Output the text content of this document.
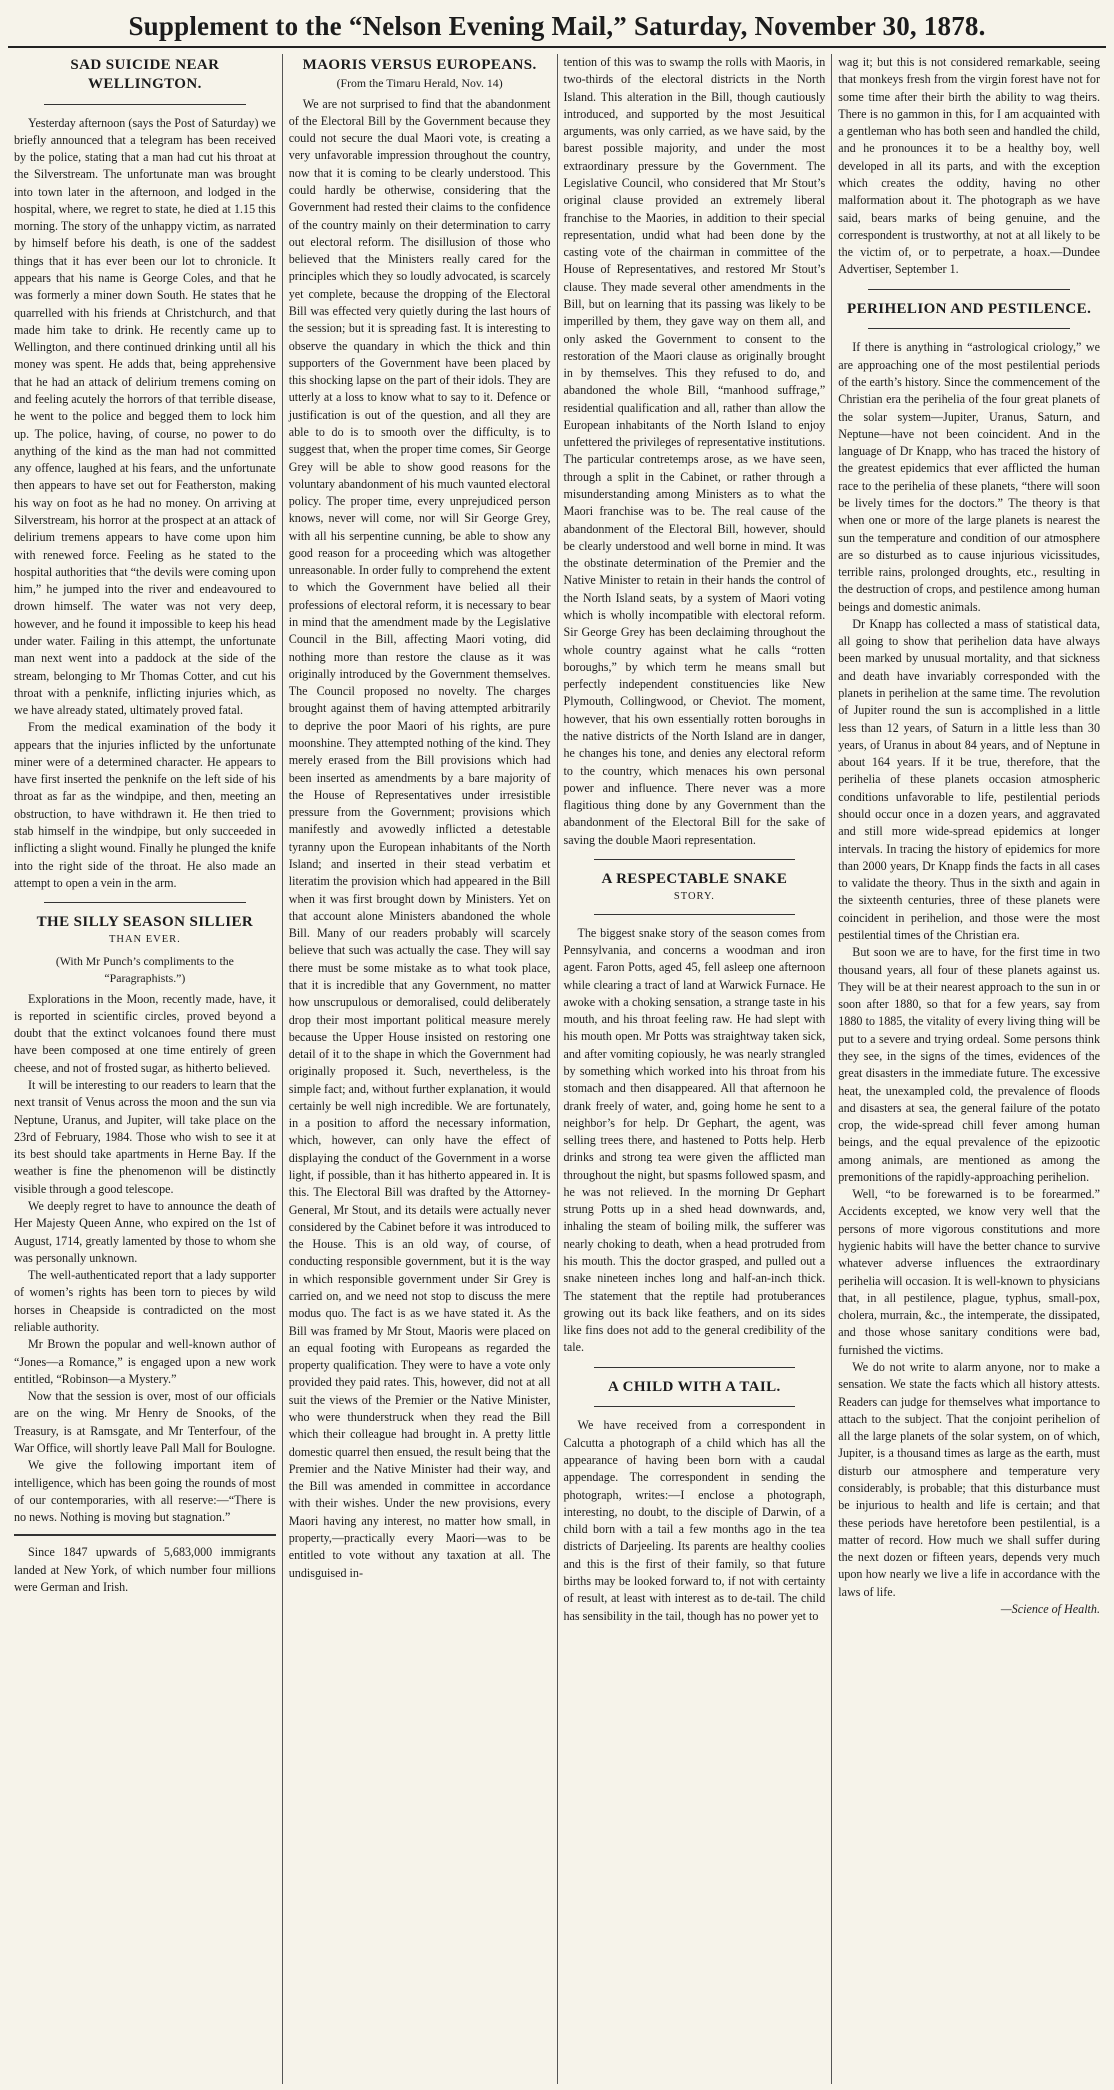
Supplement to the “Nelson Evening Mail,” Saturday, November 30, 1878.
SAD SUICIDE NEAR WELLINGTON.

Yesterday afternoon (says the Post of Saturday) we briefly announced that a telegram has been received by the police, stating that a man had cut his throat at the Silverstream. The unfortunate man was brought into town later in the afternoon, and lodged in the hospital, where, we regret to state, he died at 1.15 this morning. The story of the unhappy victim, as narrated by himself before his death, is one of the saddest things that it has ever been our lot to chronicle. It appears that his name is George Coles, and that he was formerly a miner down South. He states that he quarrelled with his friends at Christchurch, and that made him take to drink. He recently came up to Wellington, and there continued drinking until all his money was spent. He adds that, being apprehensive that he had an attack of delirium tremens coming on and feeling acutely the horrors of that terrible disease, he went to the police and begged them to lock him up. The police, having, of course, no power to do anything of the kind as the man had not committed any offence, laughed at his fears, and the unfortunate then appears to have set out for Featherston, making his way on foot as he had no money. On arriving at Silverstream, his horror at the prospect at an attack of delirium tremens appears to have come upon him with renewed force. Feeling as he stated to the hospital authorities that “the devils were coming upon him,” he jumped into the river and endeavoured to drown himself. The water was not very deep, however, and he found it impossible to keep his head under water. Failing in this attempt, the unfortunate man next went into a paddock at the side of the stream, belonging to Mr Thomas Cotter, and cut his throat with a penknife, inflicting injuries which, as we have already stated, ultimately proved fatal.

From the medical examination of the body it appears that the injuries inflicted by the unfortunate miner were of a determined character. He appears to have first inserted the penknife on the left side of his throat as far as the windpipe, and then, meeting an obstruction, to have withdrawn it. He then tried to stab himself in the windpipe, but only succeeded in inflicting a slight wound. Finally he plunged the knife into the right side of the throat. He also made an attempt to open a vein in the arm.

THE SILLY SEASON SILLIER
THAN EVER.
(With Mr Punch’s compliments to the “Paragraphists.”)

Explorations in the Moon, recently made, have, it is reported in scientific circles, proved beyond a doubt that the extinct volcanoes found there must have been composed at one time entirely of green cheese, and not of frosted sugar, as hitherto believed.

It will be interesting to our readers to learn that the next transit of Venus across the moon and the sun via Neptune, Uranus, and Jupiter, will take place on the 23rd of February, 1984. Those who wish to see it at its best should take apartments in Herne Bay. If the weather is fine the phenomenon will be distinctly visible through a good telescope.

We deeply regret to have to announce the death of Her Majesty Queen Anne, who expired on the 1st of August, 1714, greatly lamented by those to whom she was personally unknown.

The well-authenticated report that a lady supporter of women’s rights has been torn to pieces by wild horses in Cheapside is contradicted on the most reliable authority.

Mr Brown the popular and well-known author of “Jones—a Romance,” is engaged upon a new work entitled, “Robinson—a Mystery.”

Now that the session is over, most of our officials are on the wing. Mr Henry de Snooks, of the Treasury, is at Ramsgate, and Mr Tenterfour, of the War Office, will shortly leave Pall Mall for Boulogne.

We give the following important item of intelligence, which has been going the rounds of most of our contemporaries, with all reserve:—“There is no news. Nothing is moving but stagnation.”

Since 1847 upwards of 5,683,000 immigrants landed at New York, of which number four millions were German and Irish.

MAORIS VERSUS EUROPEANS.
(From the Timaru Herald, Nov. 14)

We are not surprised to find that the abandonment of the Electoral Bill by the Government because they could not secure the dual Maori vote, is creating a very unfavorable impression throughout the country, now that it is coming to be clearly understood. This could hardly be otherwise, considering that the Government had rested their claims to the confidence of the country mainly on their determination to carry out electoral reform. The disillusion of those who believed that the Ministers really cared for the principles which they so loudly advocated, is scarcely yet complete, because the dropping of the Electoral Bill was effected very quietly during the last hours of the session; but it is spreading fast. It is interesting to observe the quandary in which the thick and thin supporters of the Government have been placed by this shocking lapse on the part of their idols. They are utterly at a loss to know what to say to it. Defence or justification is out of the question, and all they are able to do is to smooth over the difficulty, is to suggest that, when the proper time comes, Sir George Grey will be able to show good reasons for the voluntary abandonment of his much vaunted electoral policy. The proper time, every unprejudiced person knows, never will come, nor will Sir George Grey, with all his serpentine cunning, be able to show any good reason for a proceeding which was altogether unreasonable. In order fully to comprehend the extent to which the Government have belied all their professions of electoral reform, it is necessary to bear in mind that the amendment made by the Legislative Council in the Bill, affecting Maori voting, did nothing more than restore the clause as it was originally introduced by the Government themselves. The Council proposed no novelty. The charges brought against them of having attempted arbitrarily to deprive the poor Maori of his rights, are pure moonshine. They attempted nothing of the kind. They merely erased from the Bill provisions which had been inserted as amendments by a bare majority of the House of Representatives under irresistible pressure from the Government; provisions which manifestly and avowedly inflicted a detestable tyranny upon the European inhabitants of the North Island; and inserted in their stead verbatim et literatim the provision which had appeared in the Bill when it was first brought down by Ministers. Yet on that account alone Ministers abandoned the whole Bill. Many of our readers probably will scarcely believe that such was actually the case. They will say there must be some mistake as to what took place, that it is incredible that any Government, no matter how unscrupulous or demoralised, could deliberately drop their most important political measure merely because the Upper House insisted on restoring one detail of it to the shape in which the Government had originally proposed it. Such, nevertheless, is the simple fact; and, without further explanation, it would certainly be well nigh incredible. We are fortunately, in a position to afford the necessary information, which, however, can only have the effect of displaying the conduct of the Government in a worse light, if possible, than it has hitherto appeared in. It is this. The Electoral Bill was drafted by the Attorney-General, Mr Stout, and its details were actually never considered by the Cabinet before it was introduced to the House. This is an old way, of course, of conducting responsible government, but it is the way in which responsible government under Sir Grey is carried on, and we need not stop to discuss the mere modus quo. The fact is as we have stated it. As the Bill was framed by Mr Stout, Maoris were placed on an equal footing with Europeans as regarded the property qualification. They were to have a vote only provided they paid rates. This, however, did not at all suit the views of the Premier or the Native Minister, who were thunderstruck when they read the Bill which their colleague had brought in. A pretty little domestic quarrel then ensued, the result being that the Premier and the Native Minister had their way, and the Bill was amended in committee in accordance with their wishes. Under the new provisions, every Maori having any interest, no matter how small, in property,—practically every Maori—was to be entitled to vote without any taxation at all. The undisguised in-

tention of this was to swamp the rolls with Maoris, in two-thirds of the electoral districts in the North Island. This alteration in the Bill, though cautiously introduced, and supported by the most Jesuitical arguments, was only carried, as we have said, by the barest possible majority, and under the most extraordinary pressure by the Government. The Legislative Council, who considered that Mr Stout’s original clause provided an extremely liberal franchise to the Maories, in addition to their special representation, undid what had been done by the casting vote of the chairman in committee of the House of Representatives, and restored Mr Stout’s clause. They made several other amendments in the Bill, but on learning that its passing was likely to be imperilled by them, they gave way on them all, and only asked the Government to consent to the restoration of the Maori clause as originally brought in by themselves. This they refused to do, and abandoned the whole Bill, “manhood suffrage,” residential qualification and all, rather than allow the European inhabitants of the North Island to enjoy unfettered the privileges of representative institutions. The particular contretemps arose, as we have seen, through a split in the Cabinet, or rather through a misunderstanding among Ministers as to what the Maori franchise was to be. The real cause of the abandonment of the Electoral Bill, however, should be clearly understood and well borne in mind. It was the obstinate determination of the Premier and the Native Minister to retain in their hands the control of the North Island seats, by a system of Maori voting which is wholly incompatible with electoral reform. Sir George Grey has been declaiming throughout the whole country against what he calls “rotten boroughs,” by which term he means small but perfectly independent constituencies like New Plymouth, Collingwood, or Cheviot. The moment, however, that his own essentially rotten boroughs in the native districts of the North Island are in danger, he changes his tone, and denies any electoral reform to the country, which menaces his own personal power and influence. There never was a more flagitious thing done by any Government than the abandonment of the Electoral Bill for the sake of saving the double Maori representation.

A RESPECTABLE SNAKE
STORY.

The biggest snake story of the season comes from Pennsylvania, and concerns a woodman and iron agent. Faron Potts, aged 45, fell asleep one afternoon while clearing a tract of land at Warwick Furnace. He awoke with a choking sensation, a strange taste in his mouth, and his throat feeling raw. He had slept with his mouth open. Mr Potts was straightway taken sick, and after vomiting copiously, he was nearly strangled by something which worked into his throat from his stomach and then disappeared. All that afternoon he drank freely of water, and, going home he sent to a neighbor’s for help. Dr Gephart, the agent, was selling trees there, and hastened to Potts help. Herb drinks and strong tea were given the afflicted man throughout the night, but spasms followed spasm, and he was not relieved. In the morning Dr Gephart strung Potts up in a shed head downwards, and, inhaling the steam of boiling milk, the sufferer was nearly choking to death, when a head protruded from his mouth. This the doctor grasped, and pulled out a snake nineteen inches long and half-an-inch thick. The statement that the reptile had protuberances growing out its back like feathers, and on its sides like fins does not add to the general credibility of the tale.

A CHILD WITH A TAIL.

We have received from a correspondent in Calcutta a photograph of a child which has all the appearance of having been born with a caudal appendage. The correspondent in sending the photograph, writes:—I enclose a photograph, interesting, no doubt, to the disciple of Darwin, of a child born with a tail a few months ago in the tea districts of Darjeeling. Its parents are healthy coolies and this is the first of their family, so that future births may be looked forward to, if not with certainty of result, at least with interest as to de-tail. The child has sensibility in the tail, though has no power yet to

wag it; but this is not considered remarkable, seeing that monkeys fresh from the virgin forest have not for some time after their birth the ability to wag theirs. There is no gammon in this, for I am acquainted with a gentleman who has both seen and handled the child, and he pronounces it to be a healthy boy, well developed in all its parts, and with the exception which creates the oddity, having no other malformation about it. The photograph as we have said, bears marks of being genuine, and the correspondent is trustworthy, at not at all likely to be the victim of, or to perpetrate, a hoax.—Dundee Advertiser, September 1.

PERIHELION AND PESTILENCE.

If there is anything in “astrological criology,” we are approaching one of the most pestilential periods of the earth’s history. Since the commencement of the Christian era the perihelia of the four great planets of the solar system—Jupiter, Uranus, Saturn, and Neptune—have not been coincident. And in the language of Dr Knapp, who has traced the history of the greatest epidemics that ever afflicted the human race to the perihelia of these planets, “there will soon be lively times for the doctors.” The theory is that when one or more of the large planets is nearest the sun the temperature and condition of our atmosphere are so disturbed as to cause injurious vicissitudes, terrible rains, prolonged droughts, etc., resulting in the destruction of crops, and pestilence among human beings and domestic animals.

Dr Knapp has collected a mass of statistical data, all going to show that perihelion data have always been marked by unusual mortality, and that sickness and death have invariably corresponded with the planets in perihelion at the same time. The revolution of Jupiter round the sun is accomplished in a little less than 12 years, of Saturn in a little less than 30 years, of Uranus in about 84 years, and of Neptune in about 164 years. If it be true, therefore, that the perihelia of these planets occasion atmospheric conditions unfavorable to life, pestilential periods should occur once in a dozen years, and aggravated and still more wide-spread epidemics at longer intervals. In tracing the history of epidemics for more than 2000 years, Dr Knapp finds the facts in all cases to validate the theory. Thus in the sixth and again in the sixteenth centuries, three of these planets were coincident in perihelion, and those were the most pestilential times of the Christian era.

But soon we are to have, for the first time in two thousand years, all four of these planets against us. They will be at their nearest approach to the sun in or soon after 1880, so that for a few years, say from 1880 to 1885, the vitality of every living thing will be put to a severe and trying ordeal. Some persons think they see, in the signs of the times, evidences of the great disasters in the immediate future. The excessive heat, the unexampled cold, the prevalence of floods and disasters at sea, the general failure of the potato crop, the wide-spread chill fever among human beings, and the equal prevalence of the epizootic among animals, are mentioned as among the premonitions of the rapidly-approaching perihelion.

Well, “to be forewarned is to be forearmed.” Accidents excepted, we know very well that the persons of more vigorous constitutions and more hygienic habits will have the better chance to survive whatever adverse influences the extraordinary perihelia will occasion. It is well-known to physicians that, in all pestilence, plague, typhus, small-pox, cholera, murrain, &c., the intemperate, the dissipated, and those whose sanitary conditions were bad, furnished the victims.

We do not write to alarm anyone, nor to make a sensation. We state the facts which all history attests. Readers can judge for themselves what importance to attach to the subject. That the conjoint perihelion of all the large planets of the solar system, on of which, Jupiter, is a thousand times as large as the earth, must disturb our atmosphere and temperature very considerably, is probable; that this disturbance must be injurious to health and life is certain; and that these periods have heretofore been pestilential, is a matter of record. How much we shall suffer during the next dozen or fifteen years, depends very much upon how nearly we live a life in accordance with the laws of life.

—Science of Health.
